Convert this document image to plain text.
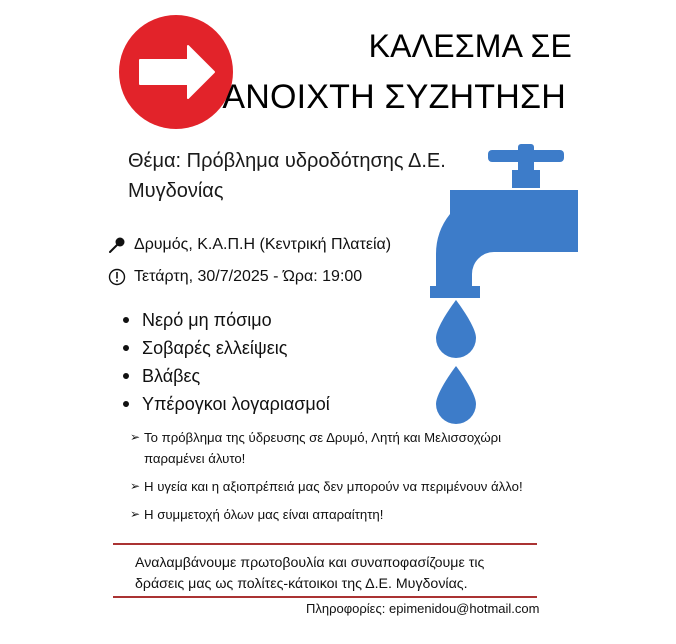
ΚΑΛΕΣΜΑ ΣΕ
ΑΝΟΙΧΤΗ ΣΥΖΗΤΗΣΗ
Θέμα: Πρόβλημα υδροδότησης Δ.Ε. Μυγδονίας
Δρυμός, Κ.Α.Π.Η (Κεντρική Πλατεία)
Τετάρτη, 30/7/2025 - Ώρα: 19:00
Νερό μη πόσιμο
Σοβαρές ελλείψεις
Βλάβες
Υπέρογκοι λογαριασμοί
➢ Το πρόβλημα της ύδρευσης σε Δρυμό, Λητή και Μελισσοχώρι παραμένει άλυτο!
➢ Η υγεία και η αξιοπρέπειά μας δεν μπορούν να περιμένουν άλλο!
➢ Η συμμετοχή όλων μας είναι απαραίτητη!
Αναλαμβάνουμε πρωτοβουλία και συναποφασίζουμε τις δράσεις μας ως πολίτες-κάτοικοι της Δ.Ε. Μυγδονίας.
Πληροφορίες: epimenidou@hotmail.com
